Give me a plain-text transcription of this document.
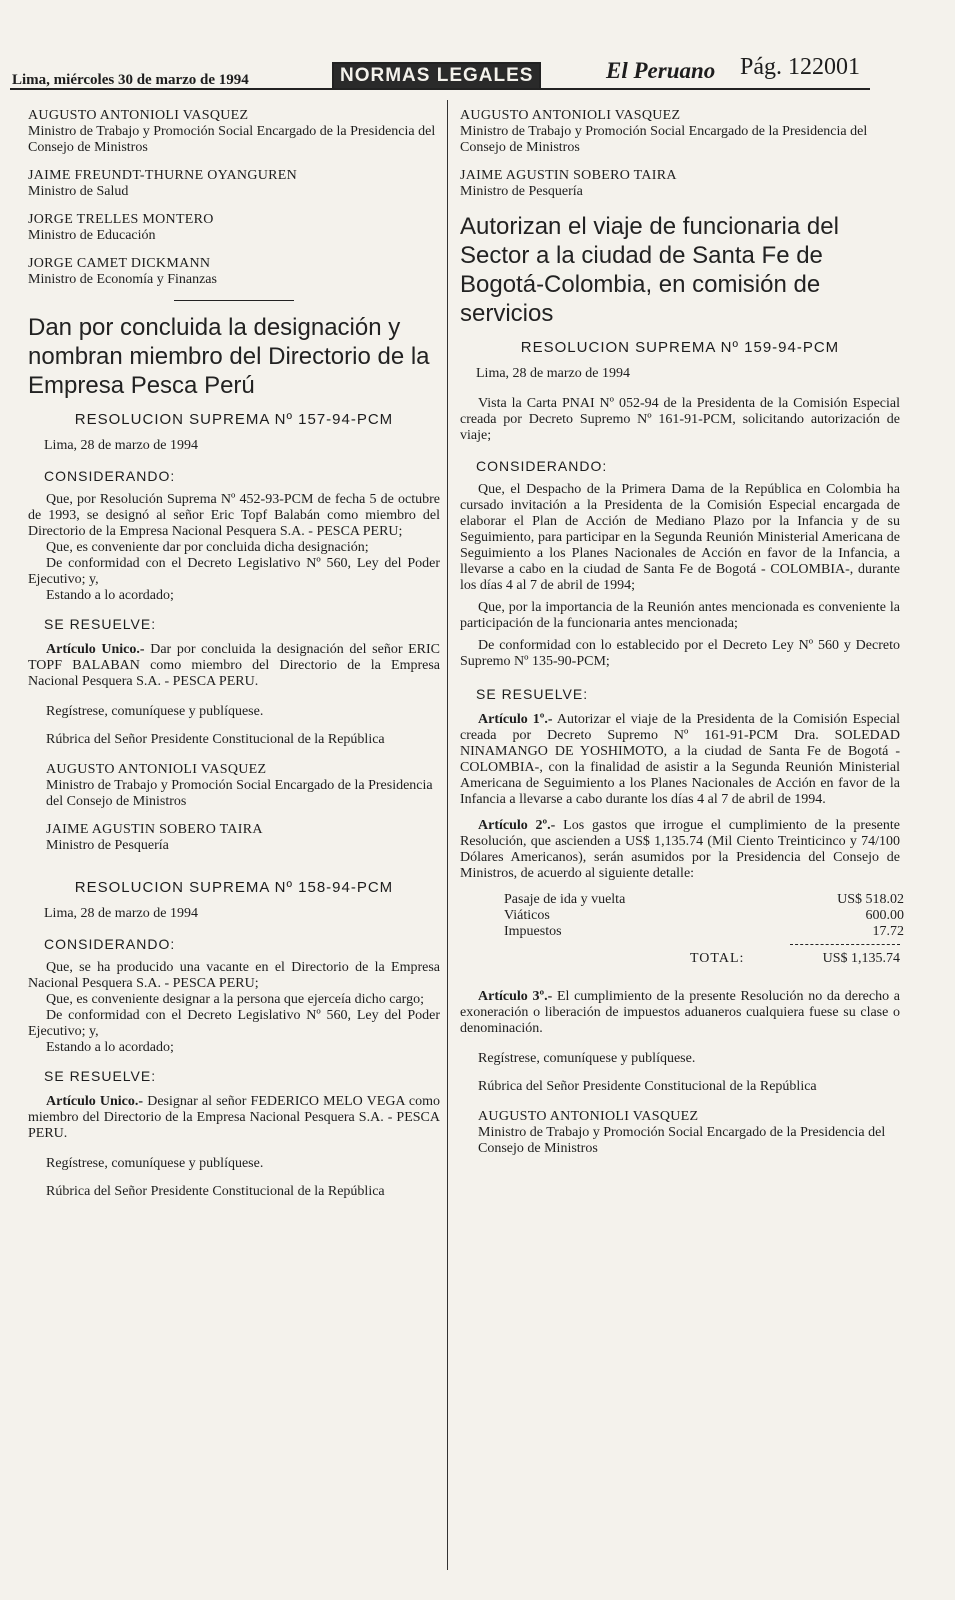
Lima, miércoles 30 de marzo de 1994	NORMAS LEGALES	El Peruano Pág. 122001
AUGUSTO ANTONIOLI VASQUEZ
Ministro de Trabajo y Promoción Social Encargado de la Presidencia del Consejo de Ministros
JAIME FREUNDT-THURNE OYANGUREN
Ministro de Salud
JORGE TRELLES MONTERO
Ministro de Educación
JORGE CAMET DICKMANN
Ministro de Economía y Finanzas
Dan por concluida la designación y nombran miembro del Directorio de la Empresa Pesca Perú
RESOLUCION SUPREMA Nº 157-94-PCM
Lima, 28 de marzo de 1994
CONSIDERANDO:

Que, por Resolución Suprema Nº 452-93-PCM de fecha 5 de octubre de 1993, se designó al señor Eric Topf Balabán como miembro del Directorio de la Empresa Nacional Pesquera S.A. - PESCA PERU;

Que, es conveniente dar por concluida dicha designación;

De conformidad con el Decreto Legislativo Nº 560, Ley del Poder Ejecutivo; y,

Estando a lo acordado;

SE RESUELVE:

Artículo Unico.- Dar por concluida la designación del señor ERIC TOPF BALABAN como miembro del Directorio de la Empresa Nacional Pesquera S.A. - PESCA PERU.

Regístrese, comuníquese y publíquese.
Rúbrica del Señor Presidente Constitucional de la República
AUGUSTO ANTONIOLI VASQUEZ
Ministro de Trabajo y Promoción Social Encargado de la Presidencia del Consejo de Ministros
JAIME AGUSTIN SOBERO TAIRA
Ministro de Pesquería
RESOLUCION SUPREMA Nº 158-94-PCM
Lima, 28 de marzo de 1994
CONSIDERANDO:

Que, se ha producido una vacante en el Directorio de la Empresa Nacional Pesquera S.A. - PESCA PERU;

Que, es conveniente designar a la persona que ejerceía dicho cargo;

De conformidad con el Decreto Legislativo Nº 560, Ley del Poder Ejecutivo; y,

Estando a lo acordado;

SE RESUELVE:

Artículo Unico.- Designar al señor FEDERICO MELO VEGA como miembro del Directorio de la Empresa Nacional Pesquera S.A. - PESCA PERU.

Regístrese, comuníquese y publíquese.
Rúbrica del Señor Presidente Constitucional de la República
AUGUSTO ANTONIOLI VASQUEZ
Ministro de Trabajo y Promoción Social Encargado de la Presidencia del Consejo de Ministros
JAIME AGUSTIN SOBERO TAIRA
Ministro de Pesquería
Autorizan el viaje de funcionaria del Sector a la ciudad de Santa Fe de Bogotá-Colombia, en comisión de servicios
RESOLUCION SUPREMA Nº 159-94-PCM
Lima, 28 de marzo de 1994

Vista la Carta PNAI Nº 052-94 de la Presidenta de la Comisión Especial creada por Decreto Supremo Nº 161-91-PCM, solicitando autorización de viaje;

CONSIDERANDO:

Que, el Despacho de la Primera Dama de la República en Colombia ha cursado invitación a la Presidenta de la Comisión Especial encargada de elaborar el Plan de Acción de Mediano Plazo por la Infancia y de su Seguimiento, para participar en la Segunda Reunión Ministerial Americana de Seguimiento a los Planes Nacionales de Acción en favor de la Infancia, a llevarse a cabo en la ciudad de Santa Fe de Bogotá - COLOMBIA-, durante los días 4 al 7 de abril de 1994;

Que, por la importancia de la Reunión antes mencionada es conveniente la participación de la funcionaria antes mencionada;

De conformidad con lo establecido por el Decreto Ley Nº 560 y Decreto Supremo Nº 135-90-PCM;

SE RESUELVE:

Artículo 1º.- Autorizar el viaje de la Presidenta de la Comisión Especial creada por Decreto Supremo Nº 161-91-PCM Dra. SOLEDAD NINAMANGO DE YOSHIMOTO, a la ciudad de Santa Fe de Bogotá - COLOMBIA-, con la finalidad de asistir a la Segunda Reunión Ministerial Americana de Seguimiento a los Planes Nacionales de Acción en favor de la Infancia a llevarse a cabo durante los días 4 al 7 de abril de 1994.

Artículo 2º.- Los gastos que irrogue el cumplimiento de la presente Resolución, que ascienden a US$ 1,135.74 (Mil Ciento Treinticinco y 74/100 Dólares Americanos), serán asumidos por la Presidencia del Consejo de Ministros, de acuerdo al siguiente detalle:

Pasaje de ida y vuelta	US$ 518.02
Viáticos	600.00
Impuestos	17.72
TOTAL:	US$ 1,135.74

Artículo 3º.- El cumplimiento de la presente Resolución no da derecho a exoneración o liberación de impuestos aduaneros cualquiera fuese su clase o denominación.

Regístrese, comuníquese y publíquese.
Rúbrica del Señor Presidente Constitucional de la República
AUGUSTO ANTONIOLI VASQUEZ
Ministro de Trabajo y Promoción Social Encargado de la Presidencia del Consejo de Ministros
